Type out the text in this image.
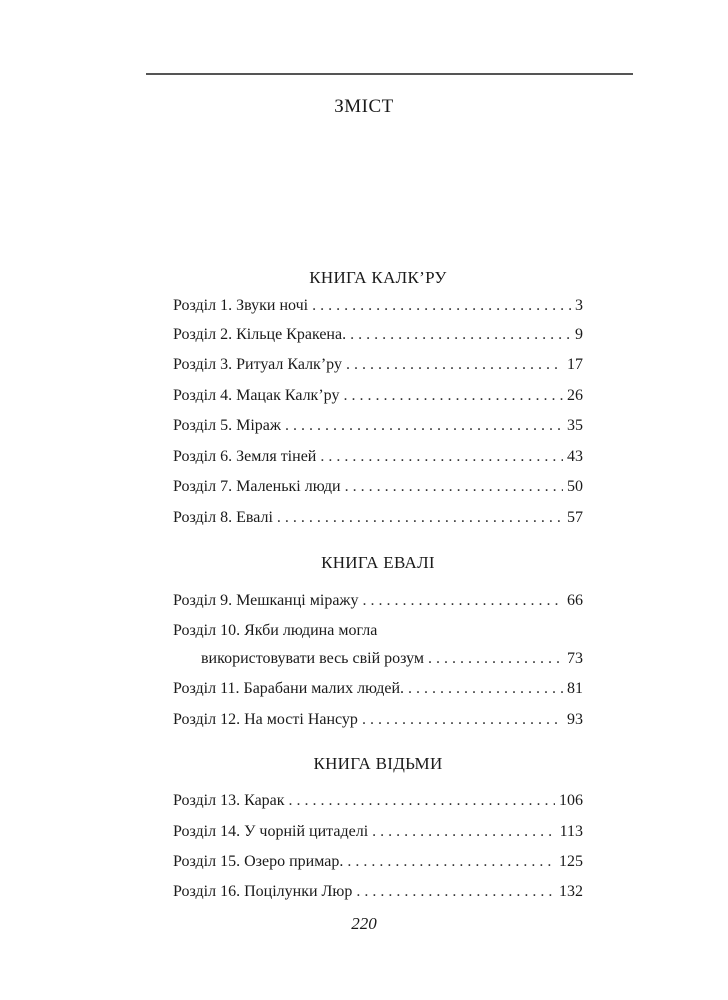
ЗМІСТ
КНИГА КАЛК’РУ
Розділ 1. Звуки ночі . . .	3
Розділ 2. Кільце Кракена. . . .	9
Розділ 3. Ритуал Калк’ру . . .	17
Розділ 4. Мацак Калк’ру . . .	26
Розділ 5. Міраж . . .	35
Розділ 6. Земля тіней . . .	43
Розділ 7. Маленькі люди . . .	50
Розділ 8. Евалі . . .	57
КНИГА ЕВАЛІ
Розділ 9. Мешканці міражу . . .	66
Розділ 10. Якби людина могла
використовувати весь свій розум . . .	73
Розділ 11. Барабани малих людей. . . .	81
Розділ 12. На мості Нансур . . .	93
КНИГА ВІДЬМИ
Розділ 13. Карак . . .	106
Розділ 14. У чорній цитаделі . . .	113
Розділ 15. Озеро примар. . . .	125
Розділ 16. Поцілунки Люр . . .	132
220
